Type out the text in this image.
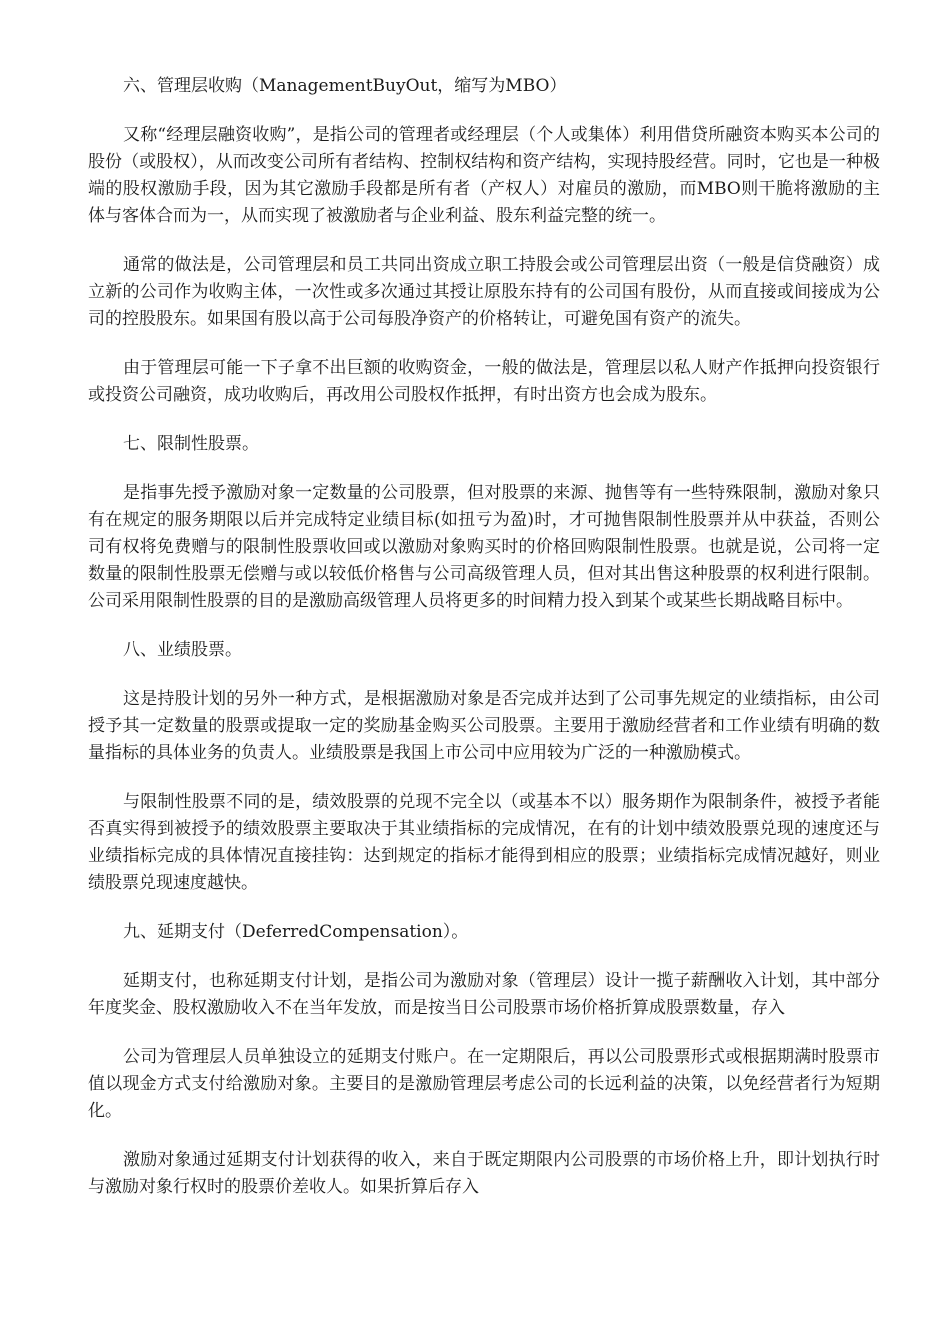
六、管理层收购（ManagementBuyOut，缩写为MBO）

又称“经理层融资收购”，是指公司的管理者或经理层（个人或集体）利用借贷所融资本购买本公司的股份（或股权），从而改变公司所有者结构、控制权结构和资产结构，实现持股经营。同时，它也是一种极端的股权激励手段，因为其它激励手段都是所有者（产权人）对雇员的激励，而MBO则干脆将激励的主体与客体合而为一，从而实现了被激励者与企业利益、股东利益完整的统一。

通常的做法是，公司管理层和员工共同出资成立职工持股会或公司管理层出资（一般是信贷融资）成立新的公司作为收购主体，一次性或多次通过其授让原股东持有的公司国有股份，从而直接或间接成为公司的控股股东。如果国有股以高于公司每股净资产的价格转让，可避免国有资产的流失。

由于管理层可能一下子拿不出巨额的收购资金，一般的做法是，管理层以私人财产作抵押向投资银行或投资公司融资，成功收购后，再改用公司股权作抵押，有时出资方也会成为股东。

七、限制性股票。

是指事先授予激励对象一定数量的公司股票，但对股票的来源、抛售等有一些特殊限制，激励对象只有在规定的服务期限以后并完成特定业绩目标(如扭亏为盈)时，才可抛售限制性股票并从中获益，否则公司有权将免费赠与的限制性股票收回或以激励对象购买时的价格回购限制性股票。也就是说，公司将一定数量的限制性股票无偿赠与或以较低价格售与公司高级管理人员，但对其出售这种股票的权利进行限制。公司采用限制性股票的目的是激励高级管理人员将更多的时间精力投入到某个或某些长期战略目标中。

八、业绩股票。

这是持股计划的另外一种方式，是根据激励对象是否完成并达到了公司事先规定的业绩指标，由公司授予其一定数量的股票或提取一定的奖励基金购买公司股票。主要用于激励经营者和工作业绩有明确的数量指标的具体业务的负责人。业绩股票是我国上市公司中应用较为广泛的一种激励模式。

与限制性股票不同的是，绩效股票的兑现不完全以（或基本不以）服务期作为限制条件，被授予者能否真实得到被授予的绩效股票主要取决于其业绩指标的完成情况，在有的计划中绩效股票兑现的速度还与业绩指标完成的具体情况直接挂钩：达到规定的指标才能得到相应的股票；业绩指标完成情况越好，则业绩股票兑现速度越快。

九、延期支付（DeferredCompensation）。

延期支付，也称延期支付计划，是指公司为激励对象（管理层）设计一揽子薪酬收入计划，其中部分年度奖金、股权激励收入不在当年发放，而是按当日公司股票市场价格折算成股票数量，存入

公司为管理层人员单独设立的延期支付账户。在一定期限后，再以公司股票形式或根据期满时股票市值以现金方式支付给激励对象。主要目的是激励管理层考虑公司的长远利益的决策，以免经营者行为短期化。

激励对象通过延期支付计划获得的收入，来自于既定期限内公司股票的市场价格上升，即计划执行时与激励对象行权时的股票价差收人。如果折算后存入
